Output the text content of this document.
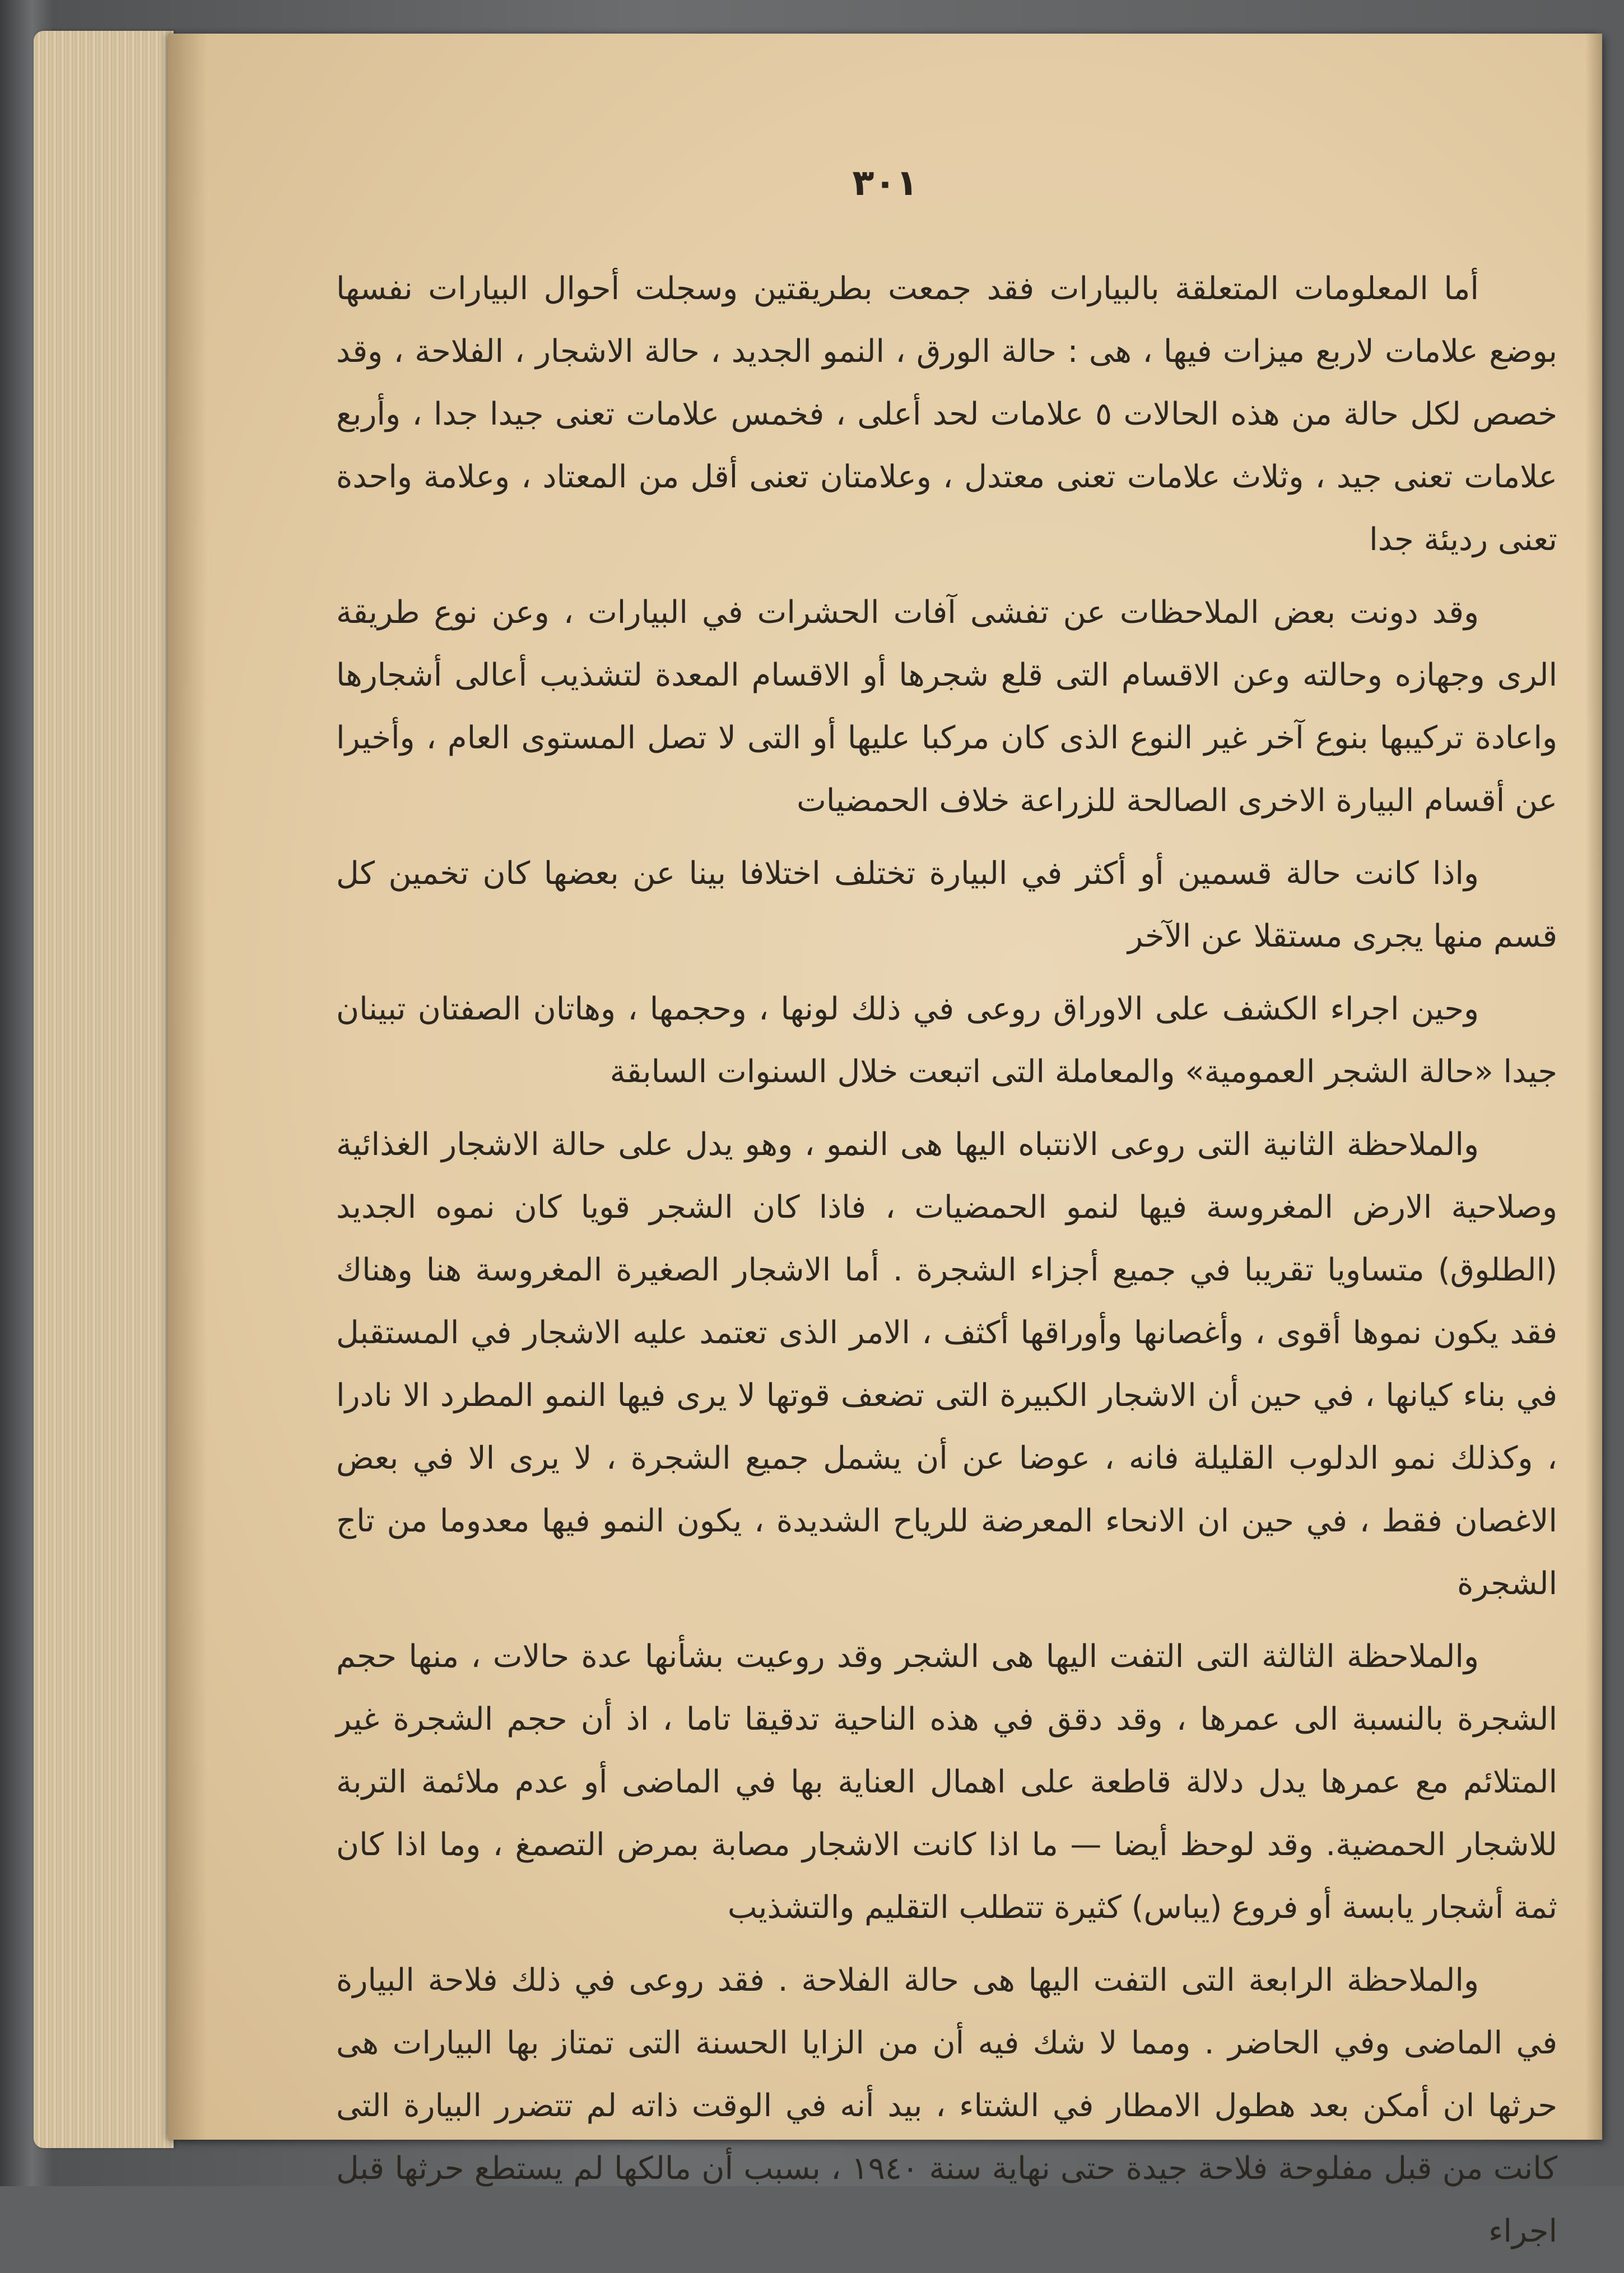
٣٠١

أما المعلومات المتعلقة بالبيارات فقد جمعت بطريقتين وسجلت أحوال البيارات نفسها بوضع علامات لاربع ميزات فيها ، هى : حالة الورق ، النمو الجديد ، حالة الاشجار ، الفلاحة ، وقد خصص لكل حالة من هذه الحالات ٥ علامات لحد أعلى ، فخمس علامات تعنى جيدا جدا ، وأربع علامات تعنى جيد ، وثلاث علامات تعنى معتدل ، وعلامتان تعنى أقل من المعتاد ، وعلامة واحدة تعنى رديئة جدا

وقد دونت بعض الملاحظات عن تفشى آفات الحشرات في البيارات ، وعن نوع طريقة الرى وجهازه وحالته وعن الاقسام التى قلع شجرها أو الاقسام المعدة لتشذيب أعالى أشجارها واعادة تركيبها بنوع آخر غير النوع الذى كان مركبا عليها أو التى لا تصل المستوى العام ، وأخيرا عن أقسام البيارة الاخرى الصالحة للزراعة خلاف الحمضيات

واذا كانت حالة قسمين أو أكثر في البيارة تختلف اختلافا بينا عن بعضها كان تخمين كل قسم منها يجرى مستقلا عن الآخر

وحين اجراء الكشف على الاوراق روعى في ذلك لونها ، وحجمها ، وهاتان الصفتان تبينان جيدا «حالة الشجر العمومية» والمعاملة التى اتبعت خلال السنوات السابقة

والملاحظة الثانية التى روعى الانتباه اليها هى النمو ، وهو يدل على حالة الاشجار الغذائية وصلاحية الارض المغروسة فيها لنمو الحمضيات ، فاذا كان الشجر قويا كان نموه الجديد (الطلوق) متساويا تقريبا في جميع أجزاء الشجرة . أما الاشجار الصغيرة المغروسة هنا وهناك فقد يكون نموها أقوى ، وأغصانها وأوراقها أكثف ، الامر الذى تعتمد عليه الاشجار في المستقبل في بناء كيانها ، في حين أن الاشجار الكبيرة التى تضعف قوتها لا يرى فيها النمو المطرد الا نادرا ، وكذلك نمو الدلوب القليلة فانه ، عوضا عن أن يشمل جميع الشجرة ، لا يرى الا في بعض الاغصان فقط ، في حين ان الانحاء المعرضة للرياح الشديدة ، يكون النمو فيها معدوما من تاج الشجرة

والملاحظة الثالثة التى التفت اليها هى الشجر وقد روعيت بشأنها عدة حالات ، منها حجم الشجرة بالنسبة الى عمرها ، وقد دقق في هذه الناحية تدقيقا تاما ، اذ أن حجم الشجرة غير المتلائم مع عمرها يدل دلالة قاطعة على اهمال العناية بها في الماضى أو عدم ملائمة التربة للاشجار الحمضية. وقد لوحظ أيضا — ما اذا كانت الاشجار مصابة بمرض التصمغ ، وما اذا كان ثمة أشجار يابسة أو فروع (يباس) كثيرة تتطلب التقليم والتشذيب

والملاحظة الرابعة التى التفت اليها هى حالة الفلاحة . فقد روعى في ذلك فلاحة البيارة في الماضى وفي الحاضر . ومما لا شك فيه أن من الزايا الحسنة التى تمتاز بها البيارات هى حرثها ان أمكن بعد هطول الامطار في الشتاء ، بيد أنه في الوقت ذاته لم تتضرر البيارة التى كانت من قبل مفلوحة فلاحة جيدة حتى نهاية سنة ١٩٤٠ ، بسبب أن مالكها لم يستطع حرثها قبل اجراء
